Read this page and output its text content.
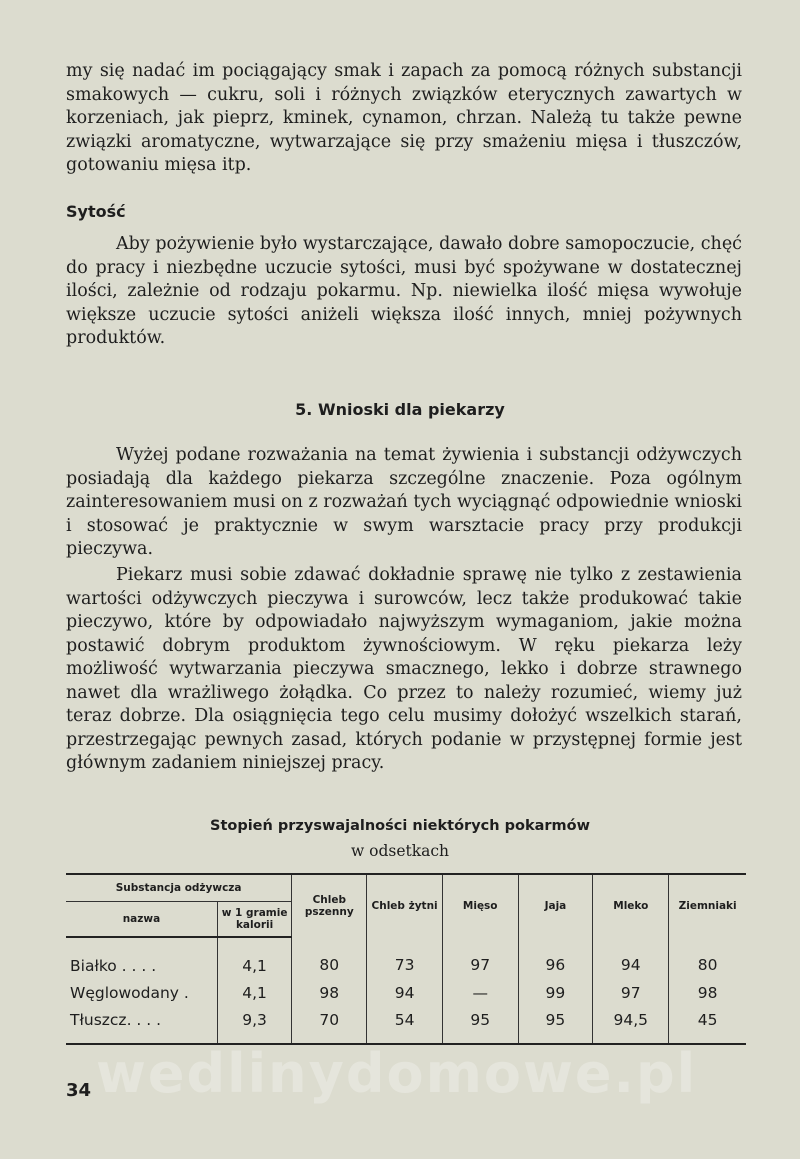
my się nadać im pociągający smak i zapach za pomocą różnych substancji smakowych — cukru, soli i różnych związków eterycznych zawartych w korzeniach, jak pieprz, kminek, cynamon, chrzan. Należą tu także pewne związki aromatyczne, wytwarzające się przy smażeniu mięsa i tłuszczów, gotowaniu mięsa itp.

Sytość

Aby pożywienie było wystarczające, dawało dobre samopoczucie, chęć do pracy i niezbędne uczucie sytości, musi być spożywane w dostatecznej ilości, zależnie od rodzaju pokarmu. Np. niewielka ilość mięsa wywołuje większe uczucie sytości aniżeli większa ilość innych, mniej pożywnych produktów.

5. Wnioski dla piekarzy

Wyżej podane rozważania na temat żywienia i substancji odżywczych posiadają dla każdego piekarza szczególne znaczenie. Poza ogólnym zainteresowaniem musi on z rozważań tych wyciągnąć odpowiednie wnioski i stosować je praktycznie w swym warsztacie pracy przy produkcji pieczywa.

Piekarz musi sobie zdawać dokładnie sprawę nie tylko z zestawienia wartości odżywczych pieczywa i surowców, lecz także produkować takie pieczywo, które by odpowiadało najwyższym wymaganiom, jakie można postawić dobrym produktom żywnościowym. W ręku piekarza leży możliwość wytwarzania pieczywa smacznego, lekko i dobrze strawnego nawet dla wrażliwego żołądka. Co przez to należy rozumieć, wiemy już teraz dobrze. Dla osiągnięcia tego celu musimy dołożyć wszelkich starań, przestrzegając pewnych zasad, których podanie w przystępnej formie jest głównym zadaniem niniejszej pracy.

Stopień przyswajalności niektórych pokarmów
w odsetkach
Substancja odżywcza		Chleb pszenny	Chleb żytni	Mięso	Jaja	Mleko	Ziemniaki
nazwa	w 1 gramie kalorii						
Białko . . . .	4,1	80	73	97	96	94	80
Węglowodany .	4,1	98	94	—	99	97	98
Tłuszcz. . . .	9,3	70	54	95	95	94,5	45
wedlinydomowe.pl
34
